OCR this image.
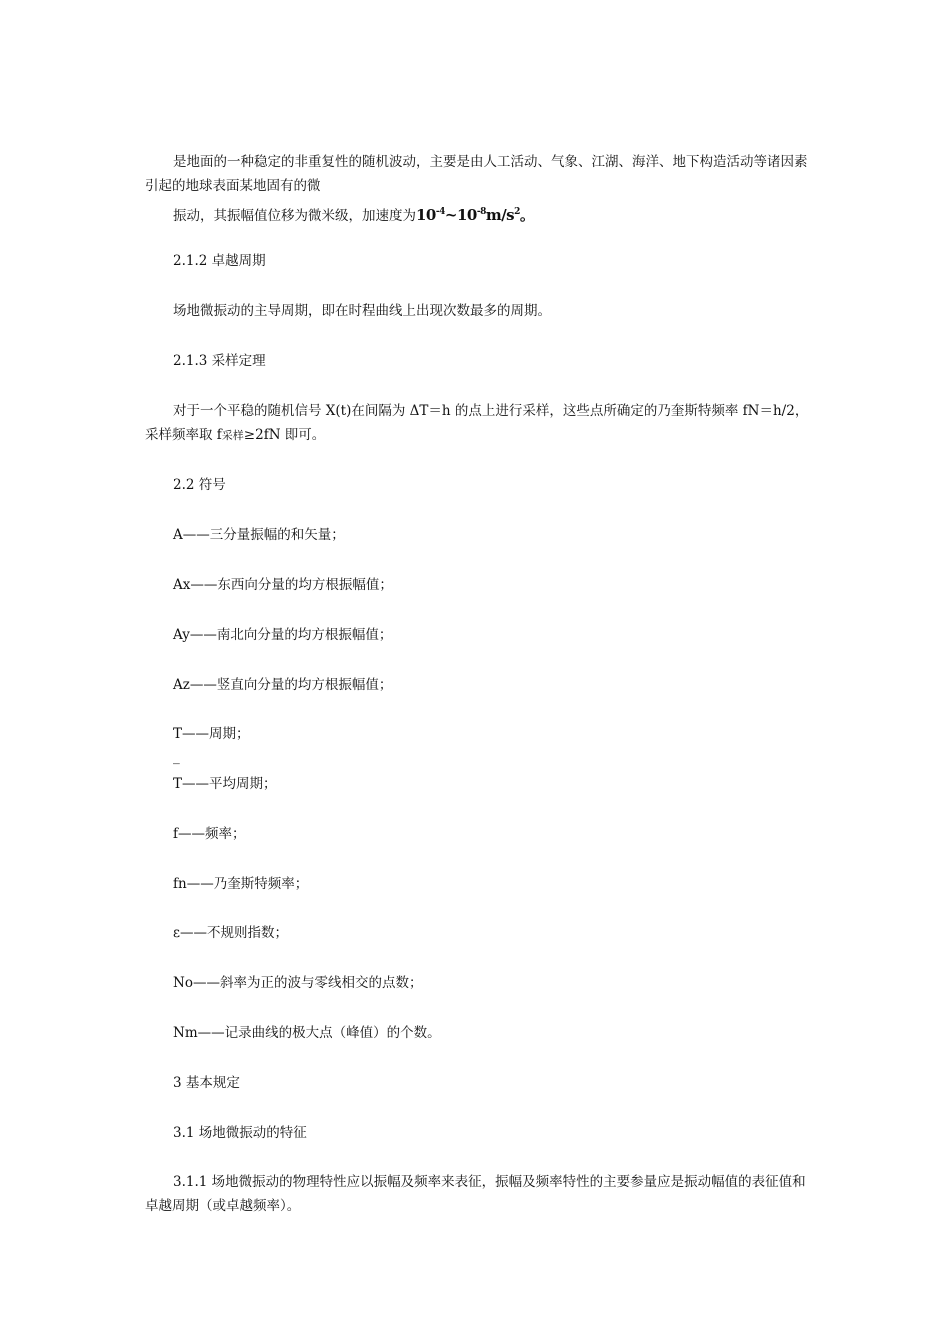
是地面的一种稳定的非重复性的随机波动，主要是由人工活动、气象、江湖、海洋、地下构造活动等诸因素引起的地球表面某地固有的微

振动，其振幅值位移为微米级，加速度为$10^{-4}\sim 10^{-8}m/s^2$。

2.1.2 卓越周期

场地微振动的主导周期，即在时程曲线上出现次数最多的周期。

2.1.3 采样定理

对于一个平稳的随机信号 X(t)在间隔为 ΔT＝h 的点上进行采样，这些点所确定的乃奎斯特频率 fN＝h/2，采样频率取 f采样≥2fN 即可。

2.2 符号

A——三分量振幅的和矢量；

Ax——东西向分量的均方根振幅值；

Ay——南北向分量的均方根振幅值；

Az——竖直向分量的均方根振幅值；

T——周期；

_

T——平均周期；

f——频率；

fn——乃奎斯特频率；

ε——不规则指数；

No——斜率为正的波与零线相交的点数；

Nm——记录曲线的极大点（峰值）的个数。

3 基本规定

3.1 场地微振动的特征

3.1.1 场地微振动的物理特性应以振幅及频率来表征，振幅及频率特性的主要参量应是振动幅值的表征值和卓越周期（或卓越频率）。
